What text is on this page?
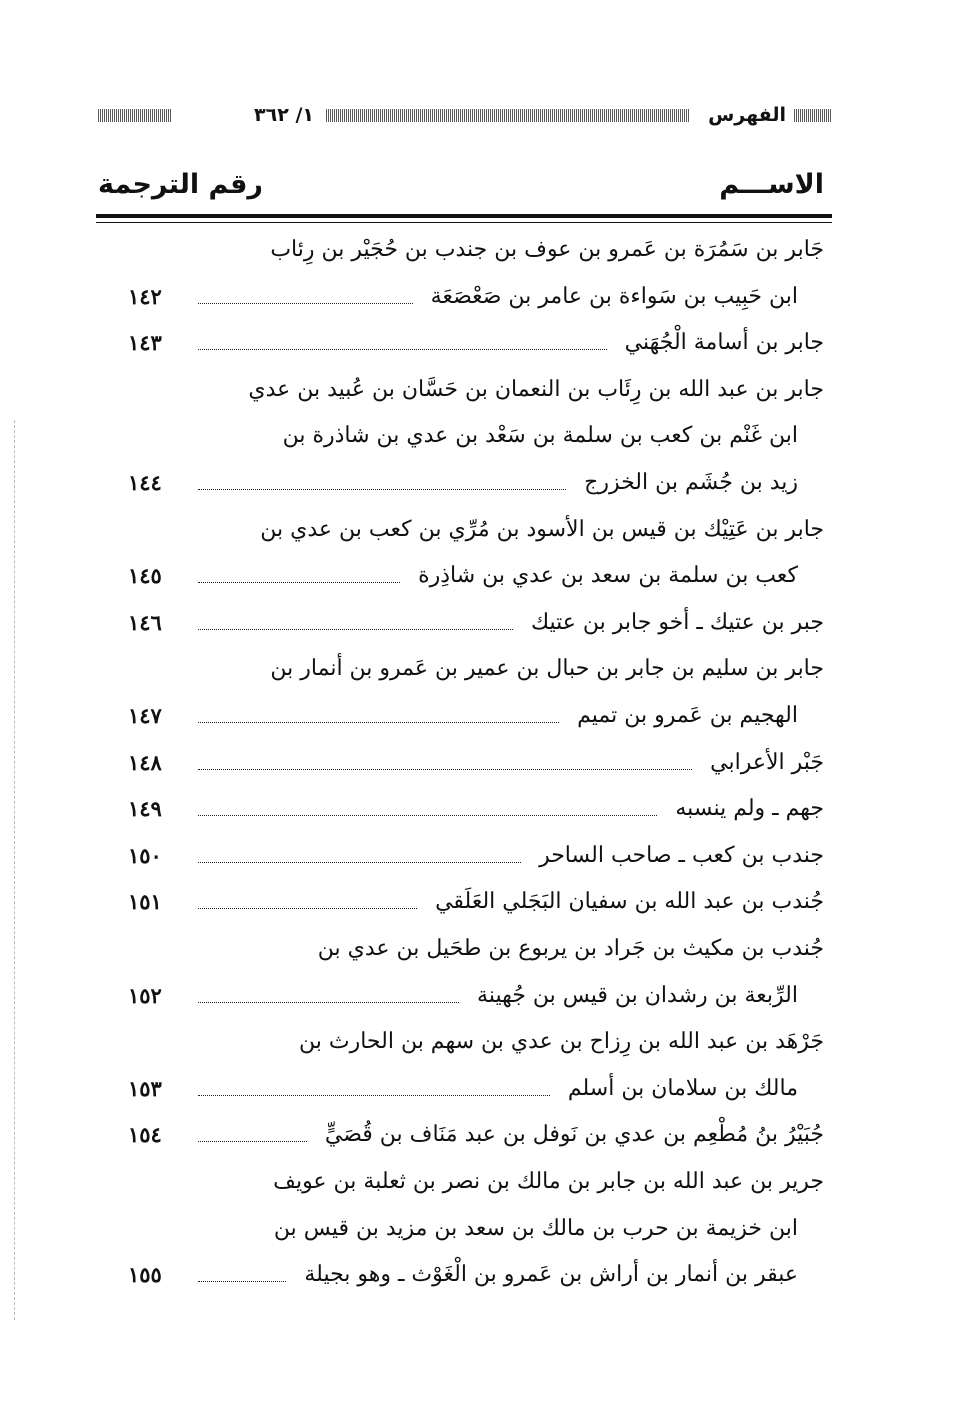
الفهرس
١/ ٣٦٢
الاســـم
رقم الترجمة
جَابر بن سَمُرَة بن عَمرو بن عوف بن جندب بن حُجَيْر بن رِئاب
ابن حَبِيب بن سَواءة بن عامر بن صَعْصَعَة
١٤٢
جابر بن أسامة الْجُهَني
١٤٣
جابر بن عبد الله بن رِئَاب بن النعمان بن حَسَّان بن عُبيد بن عدي
ابن غَنْم بن كعب بن سلمة بن سَعْد بن عدي بن شاذرة بن
زيد بن جُشَم بن الخزرج
١٤٤
جابر بن عَتِيْك بن قيس بن الأسود بن مُرِّي بن كعب بن عدي بن
كعب بن سلمة بن سعد بن عدي بن شاذِرة
١٤٥
جبر بن عتيك ـ أخو جابر بن عتيك
١٤٦
جابر بن سليم بن جابر بن حبال بن عمير بن عَمرو بن أنمار بن
الهجيم بن عَمرو بن تميم
١٤٧
جَبْر الأعرابي
١٤٨
جهم ـ ولم ينسبه
١٤٩
جندب بن كعب ـ صاحب الساحر
١٥٠
جُندب بن عبد الله بن سفيان البَجَلي العَلَقي
١٥١
جُندب بن مكيث بن جَراد بن يربوع بن طحَيل بن عدي بن
الرِّبعة بن رشدان بن قيس بن جُهينة
١٥٢
جَرْهَد بن عبد الله بن رِزاح بن عدي بن سهم بن الحارث بن
مالك بن سلامان بن أسلم
١٥٣
جُبَيْرُ بنُ مُطْعِم بن عدي بن نَوفل بن عبد مَنَاف بن قُصَيٍّ
١٥٤
جرير بن عبد الله بن جابر بن مالك بن نصر بن ثعلبة بن عويف
ابن خزيمة بن حرب بن مالك بن سعد بن مزيد بن قيس بن
عبقر بن أنمار بن أراش بن عَمرو بن الْغَوْث ـ وهو بجيلة
١٥٥
